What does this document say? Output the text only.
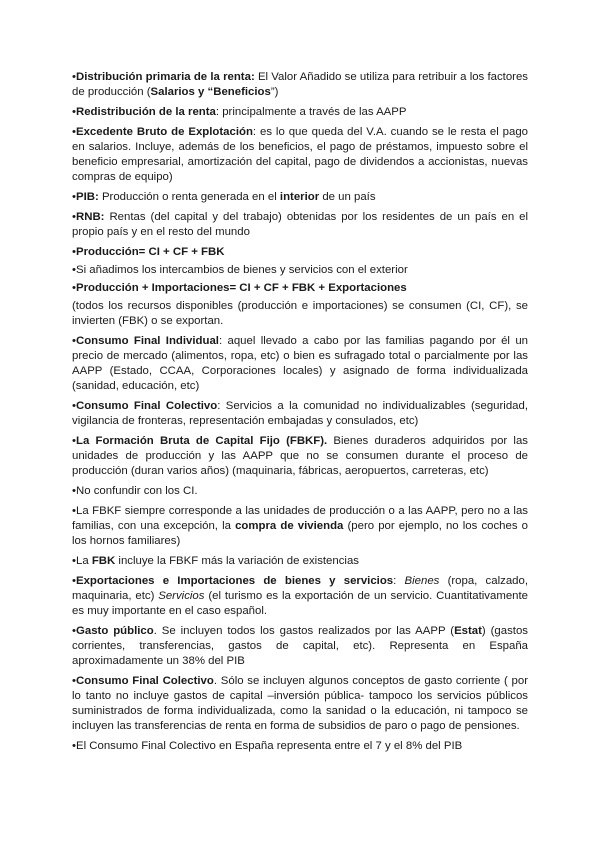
•Distribución primaria de la renta: El Valor Añadido se utiliza para retribuir a los factores de producción (Salarios y “Beneficios”)

•Redistribución de la renta: principalmente a través de las AAPP

•Excedente Bruto de Explotación: es lo que queda del V.A. cuando se le resta el pago en salarios. Incluye, además de los beneficios, el pago de préstamos, impuesto sobre el beneficio empresarial, amortización del capital, pago de dividendos a accionistas, nuevas compras de equipo)

•PIB: Producción o renta generada en el interior de un país

•RNB: Rentas (del capital y del trabajo) obtenidas por los residentes de un país en el propio país y en el resto del mundo

•Producción= CI + CF + FBK

•Si añadimos los intercambios de bienes y servicios con el exterior

•Producción + Importaciones= CI + CF + FBK + Exportaciones

(todos los recursos disponibles (producción e importaciones) se consumen (CI, CF), se invierten (FBK) o se exportan.

•Consumo Final Individual: aquel llevado a cabo por las familias pagando por él un precio de mercado (alimentos, ropa, etc) o bien es sufragado total o parcialmente por las AAPP (Estado, CCAA, Corporaciones locales) y asignado de forma individualizada (sanidad, educación, etc)

•Consumo Final Colectivo: Servicios a la comunidad no individualizables (seguridad, vigilancia de fronteras, representación embajadas y consulados, etc)

•La Formación Bruta de Capital Fijo (FBKF). Bienes duraderos adquiridos por las unidades de producción y las AAPP que no se consumen durante el proceso de producción (duran varios años) (maquinaria, fábricas, aeropuertos, carreteras, etc)

•No confundir con los CI.

•La FBKF siempre corresponde a las unidades de producción o a las AAPP, pero no a las familias, con una excepción, la compra de vivienda (pero por ejemplo, no los coches o los hornos familiares)

•La FBK incluye la FBKF más la variación de existencias

•Exportaciones e Importaciones de bienes y servicios: Bienes (ropa, calzado, maquinaria, etc) Servicios (el turismo es la exportación de un servicio. Cuantitativamente es muy importante en el caso español.

•Gasto público. Se incluyen todos los gastos realizados por las AAPP (Estat) (gastos corrientes, transferencias, gastos de capital, etc). Representa en España aproximadamente un 38% del PIB

•Consumo Final Colectivo. Sólo se incluyen algunos conceptos de gasto corriente ( por lo tanto no incluye gastos de capital –inversión pública- tampoco los servicios públicos suministrados de forma individualizada, como la sanidad o la educación, ni tampoco se incluyen las transferencias de renta en forma de subsidios de paro o pago de pensiones.

•El Consumo Final Colectivo en España representa entre el 7 y el 8% del PIB
